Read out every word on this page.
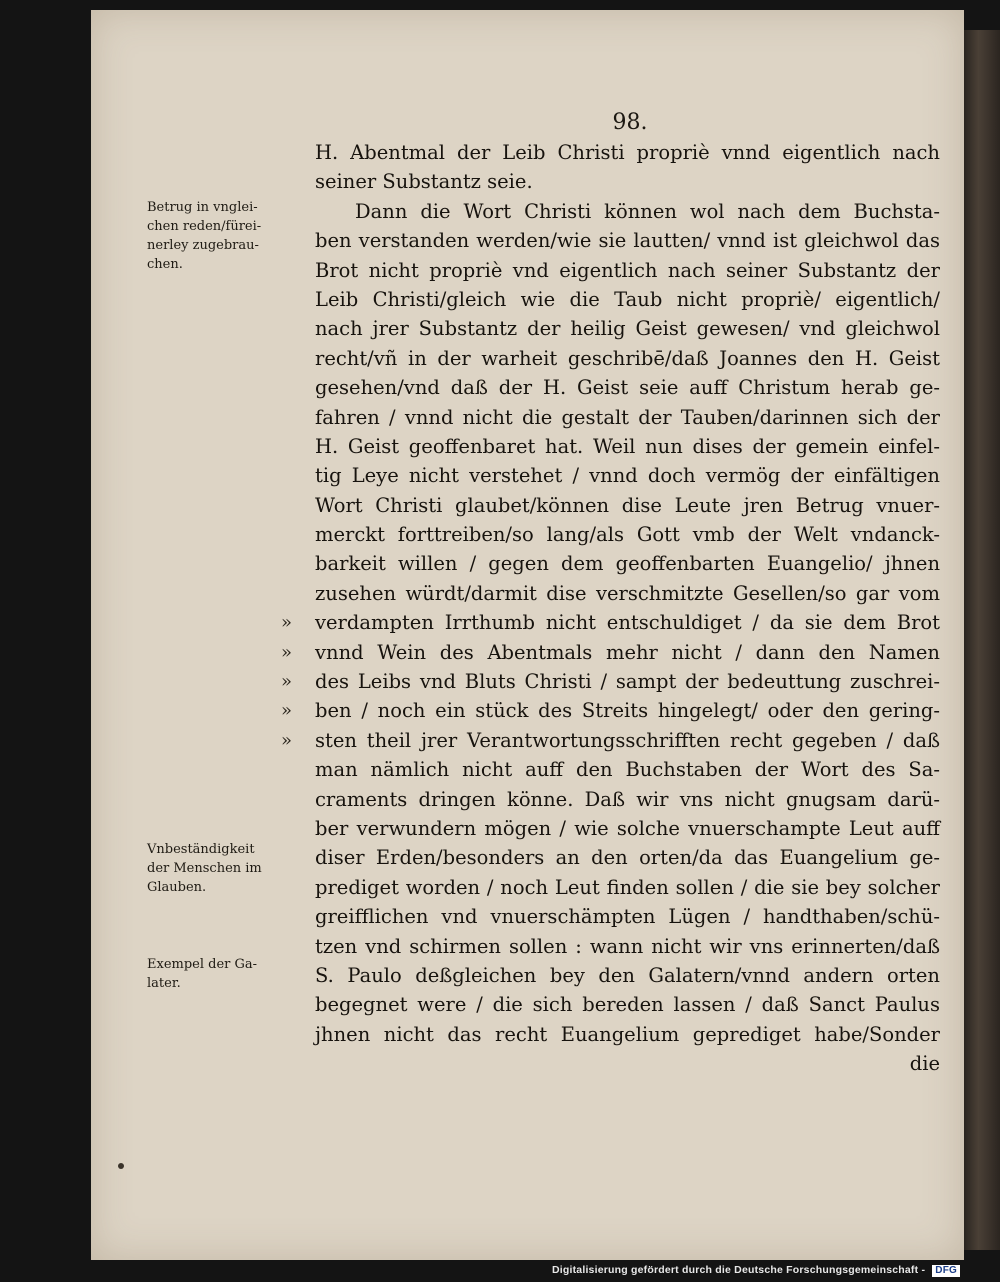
98.
H. Abentmal der Leib Christi propriè vnnd eigentlich nach
seiner Substantz seie.
Dann die Wort Christi können wol nach dem Buchsta-
ben verstanden werden/wie sie lautten/ vnnd ist gleichwol das
Brot nicht propriè vnd eigentlich nach seiner Substantz der
Leib Christi/gleich wie die Taub nicht propriè/ eigentlich/
nach jrer Substantz der heilig Geist gewesen/ vnd gleichwol
recht/vñ in der warheit geschribē/daß Joannes den H. Geist
gesehen/vnd daß der H. Geist seie auff Christum herab ge-
fahren / vnnd nicht die gestalt der Tauben/darinnen sich der
H. Geist geoffenbaret hat. Weil nun dises der gemein einfel-
tig Leye nicht verstehet / vnnd doch vermög der einfältigen
Wort Christi glaubet/können dise Leute jren Betrug vnuer-
merckt forttreiben/so lang/als Gott vmb der Welt vndanck-
barkeit willen / gegen dem geoffenbarten Euangelio/ jhnen
zusehen würdt/darmit dise verschmitzte Gesellen/so gar vom
» verdampten Irrthumb nicht entschuldiget / da sie dem Brot
» vnnd Wein des Abentmals mehr nicht / dann den Namen
» des Leibs vnd Bluts Christi / sampt der bedeuttung zuschrei-
» ben / noch ein stück des Streits hingelegt/ oder den gering-
» sten theil jrer Verantwortungsschrifften recht gegeben / daß
man nämlich nicht auff den Buchstaben der Wort des Sa-
craments dringen könne. Daß wir vns nicht gnugsam darü-
ber verwundern mögen / wie solche vnuerschampte Leut auff
diser Erden/besonders an den orten/da das Euangelium ge-
prediget worden / noch Leut finden sollen / die sie bey solcher
greifflichen vnd vnuerschämpten Lügen / handthaben/schü-
tzen vnd schirmen sollen : wann nicht wir vns erinnerten/daß
S. Paulo deßgleichen bey den Galatern/vnnd andern orten
begegnet were / die sich bereden lassen / daß Sanct Paulus
jhnen nicht das recht Euangelium geprediget habe/Sonder
die
Betrug in vnglei-
chen reden/fürei-
nerley zugebrau-
chen.
Vnbeständigkeit
der Menschen im
Glauben.
Exempel der Ga-
later.
Digitalisierung gefördert durch die Deutsche Forschungsgemeinschaft - DFG
